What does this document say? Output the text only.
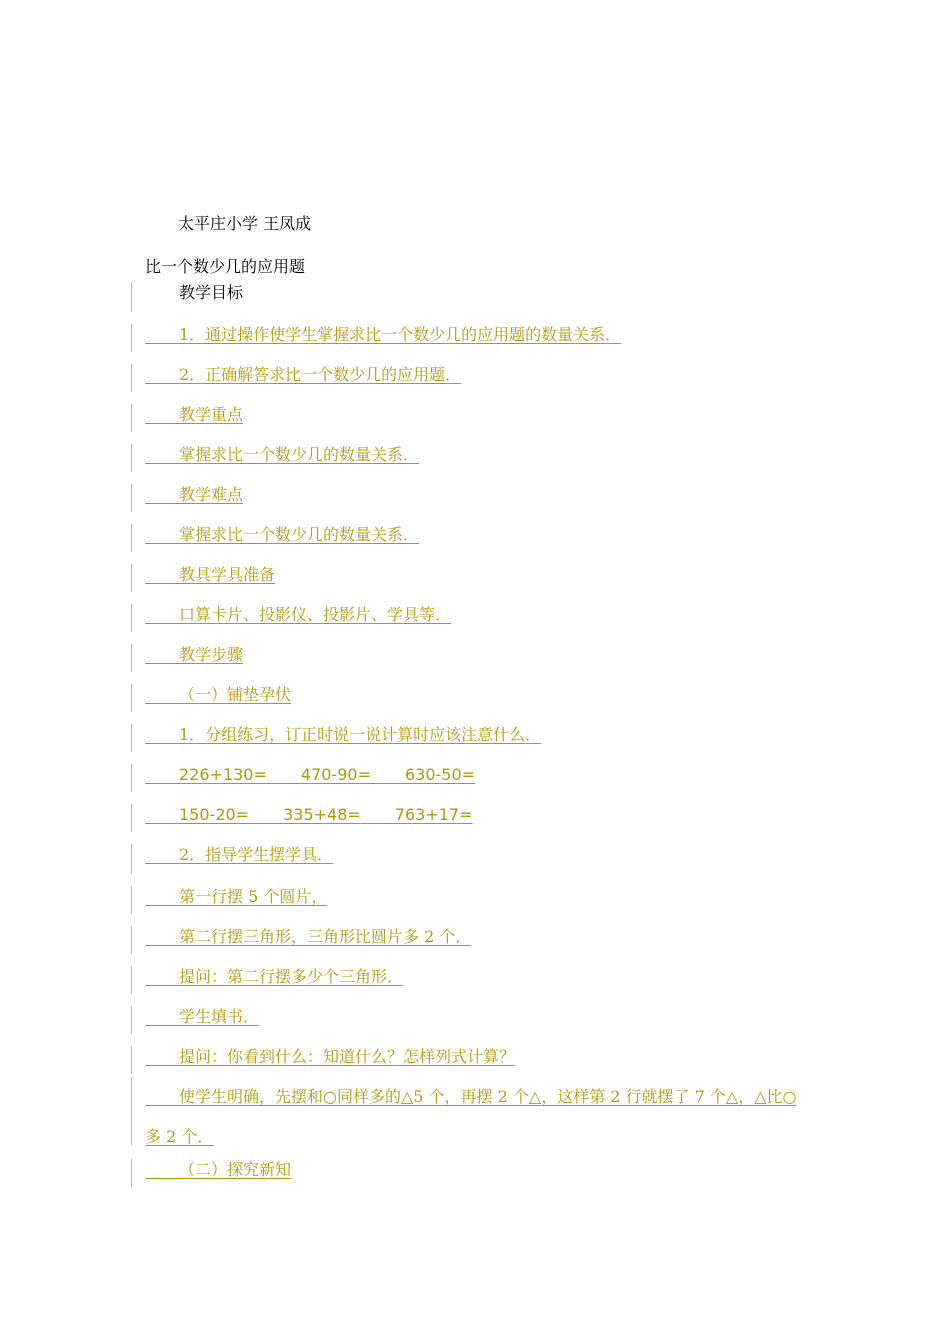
太平庄小学 王凤成
比一个数少几的应用题
教学目标
1．通过操作使学生掌握求比一个数少几的应用题的数量关系．
2．正确解答求比一个数少几的应用题．
教学重点
掌握求比一个数少几的数量关系．
教学难点
掌握求比一个数少几的数量关系．
教具学具准备
口算卡片、投影仪、投影片、学具等．
教学步骤
（一）铺垫孕伏
1．分组练习，订正时说一说计算时应该注意什么．
226+130= 470-90= 630-50=
150-20= 335+48= 763+17=
2．指导学生摆学具．
第一行摆 5 个圆片，
第二行摆三角形，三角形比圆片多 2 个．
提问：第二行摆多少个三角形．
学生填书．
提问：你看到什么：知道什么？怎样列式计算？
使学生明确，先摆和○同样多的△5 个，再摆 2 个△，这样第 2 行就摆了 7 个△，△比○多 2 个．
（二）探究新知
